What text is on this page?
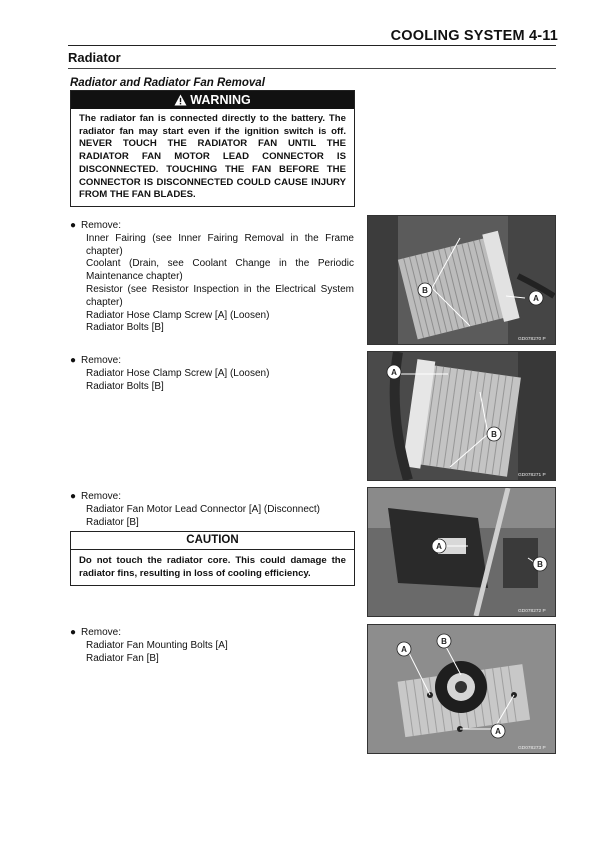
COOLING SYSTEM 4-11
Radiator
Radiator and Radiator Fan Removal
WARNING
The radiator fan is connected directly to the battery. The radiator fan may start even if the ignition switch is off. NEVER TOUCH THE RADIATOR FAN UNTIL THE RADIATOR FAN MOTOR LEAD CONNECTOR IS DISCONNECTED. TOUCHING THE FAN BEFORE THE CONNECTOR IS DISCONNECTED COULD CAUSE INJURY FROM THE FAN BLADES.
● Remove:
Inner Fairing (see Inner Fairing Removal in the Frame chapter)
Coolant (Drain, see Coolant Change in the Periodic Maintenance chapter)
Resistor (see Resistor Inspection in the Electrical System chapter)
Radiator Hose Clamp Screw [A] (Loosen)
Radiator Bolts [B]
● Remove:
Radiator Hose Clamp Screw [A] (Loosen)
Radiator Bolts [B]
● Remove:
Radiator Fan Motor Lead Connector [A] (Disconnect)
Radiator [B]
CAUTION
Do not touch the radiator core. This could damage the radiator fins, resulting in loss of cooling efficiency.
● Remove:
Radiator Fan Mounting Bolts [A]
Radiator Fan [B]
B
A
GD078270 P
A
B
GD078271 P
A
B
GD078272 P
A
B
A
GD078273 P
